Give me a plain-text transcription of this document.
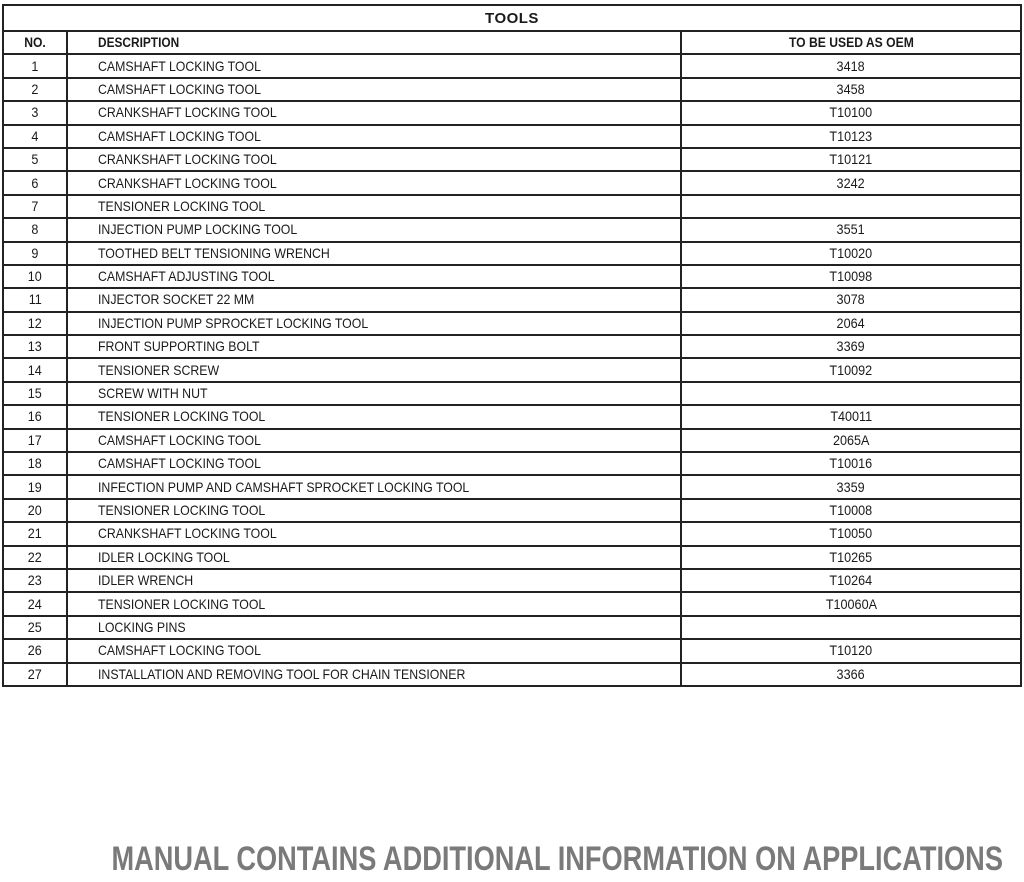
TOOLS		
NO.	DESCRIPTION	TO BE USED AS OEM
1	CAMSHAFT LOCKING TOOL	3418
2	CAMSHAFT LOCKING TOOL	3458
3	CRANKSHAFT LOCKING TOOL	T10100
4	CAMSHAFT LOCKING TOOL	T10123
5	CRANKSHAFT LOCKING TOOL	T10121
6	CRANKSHAFT LOCKING TOOL	3242
7	TENSIONER LOCKING TOOL	
8	INJECTION PUMP LOCKING TOOL	3551
9	TOOTHED BELT TENSIONING WRENCH	T10020
10	CAMSHAFT ADJUSTING TOOL	T10098
11	INJECTOR SOCKET 22 MM	3078
12	INJECTION PUMP SPROCKET LOCKING TOOL	2064
13	FRONT SUPPORTING BOLT	3369
14	TENSIONER SCREW	T10092
15	SCREW WITH NUT	
16	TENSIONER LOCKING TOOL	T40011
17	CAMSHAFT LOCKING TOOL	2065A
18	CAMSHAFT LOCKING TOOL	T10016
19	INFECTION PUMP AND CAMSHAFT SPROCKET LOCKING TOOL	3359
20	TENSIONER LOCKING TOOL	T10008
21	CRANKSHAFT LOCKING TOOL	T10050
22	IDLER LOCKING TOOL	T10265
23	IDLER WRENCH	T10264
24	TENSIONER LOCKING TOOL	T10060A
25	LOCKING PINS	
26	CAMSHAFT LOCKING TOOL	T10120
27	INSTALLATION AND REMOVING TOOL FOR CHAIN TENSIONER	3366
MANUAL CONTAINS ADDITIONAL INFORMATION ON APPLICATIONS
